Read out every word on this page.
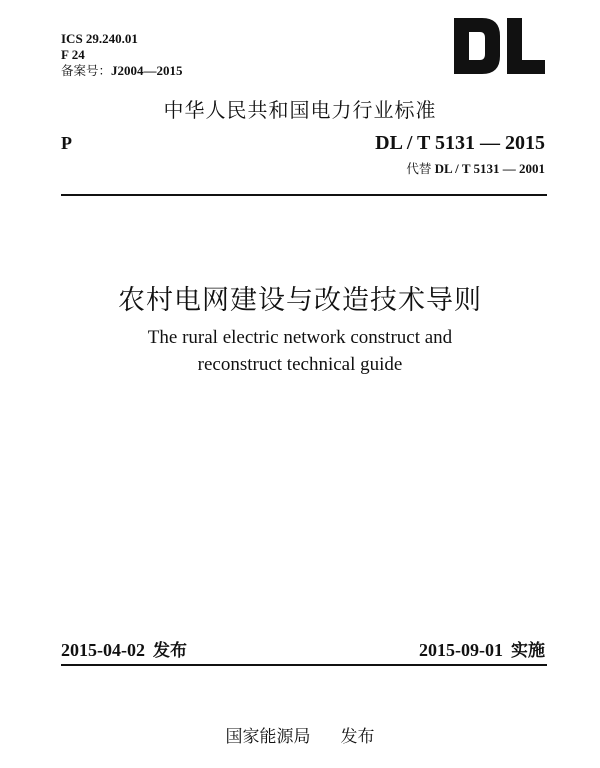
ICS 29.240.01
F 24
备案号：J2004—2015
中华人民共和国电力行业标准
P	DL / T 5131 — 2015
代替 DL / T 5131 — 2001
农村电网建设与改造技术导则
The rural electric network construct and
reconstruct technical guide
2015-04-02 发布	2015-09-01 实施
国家能源局 发布
